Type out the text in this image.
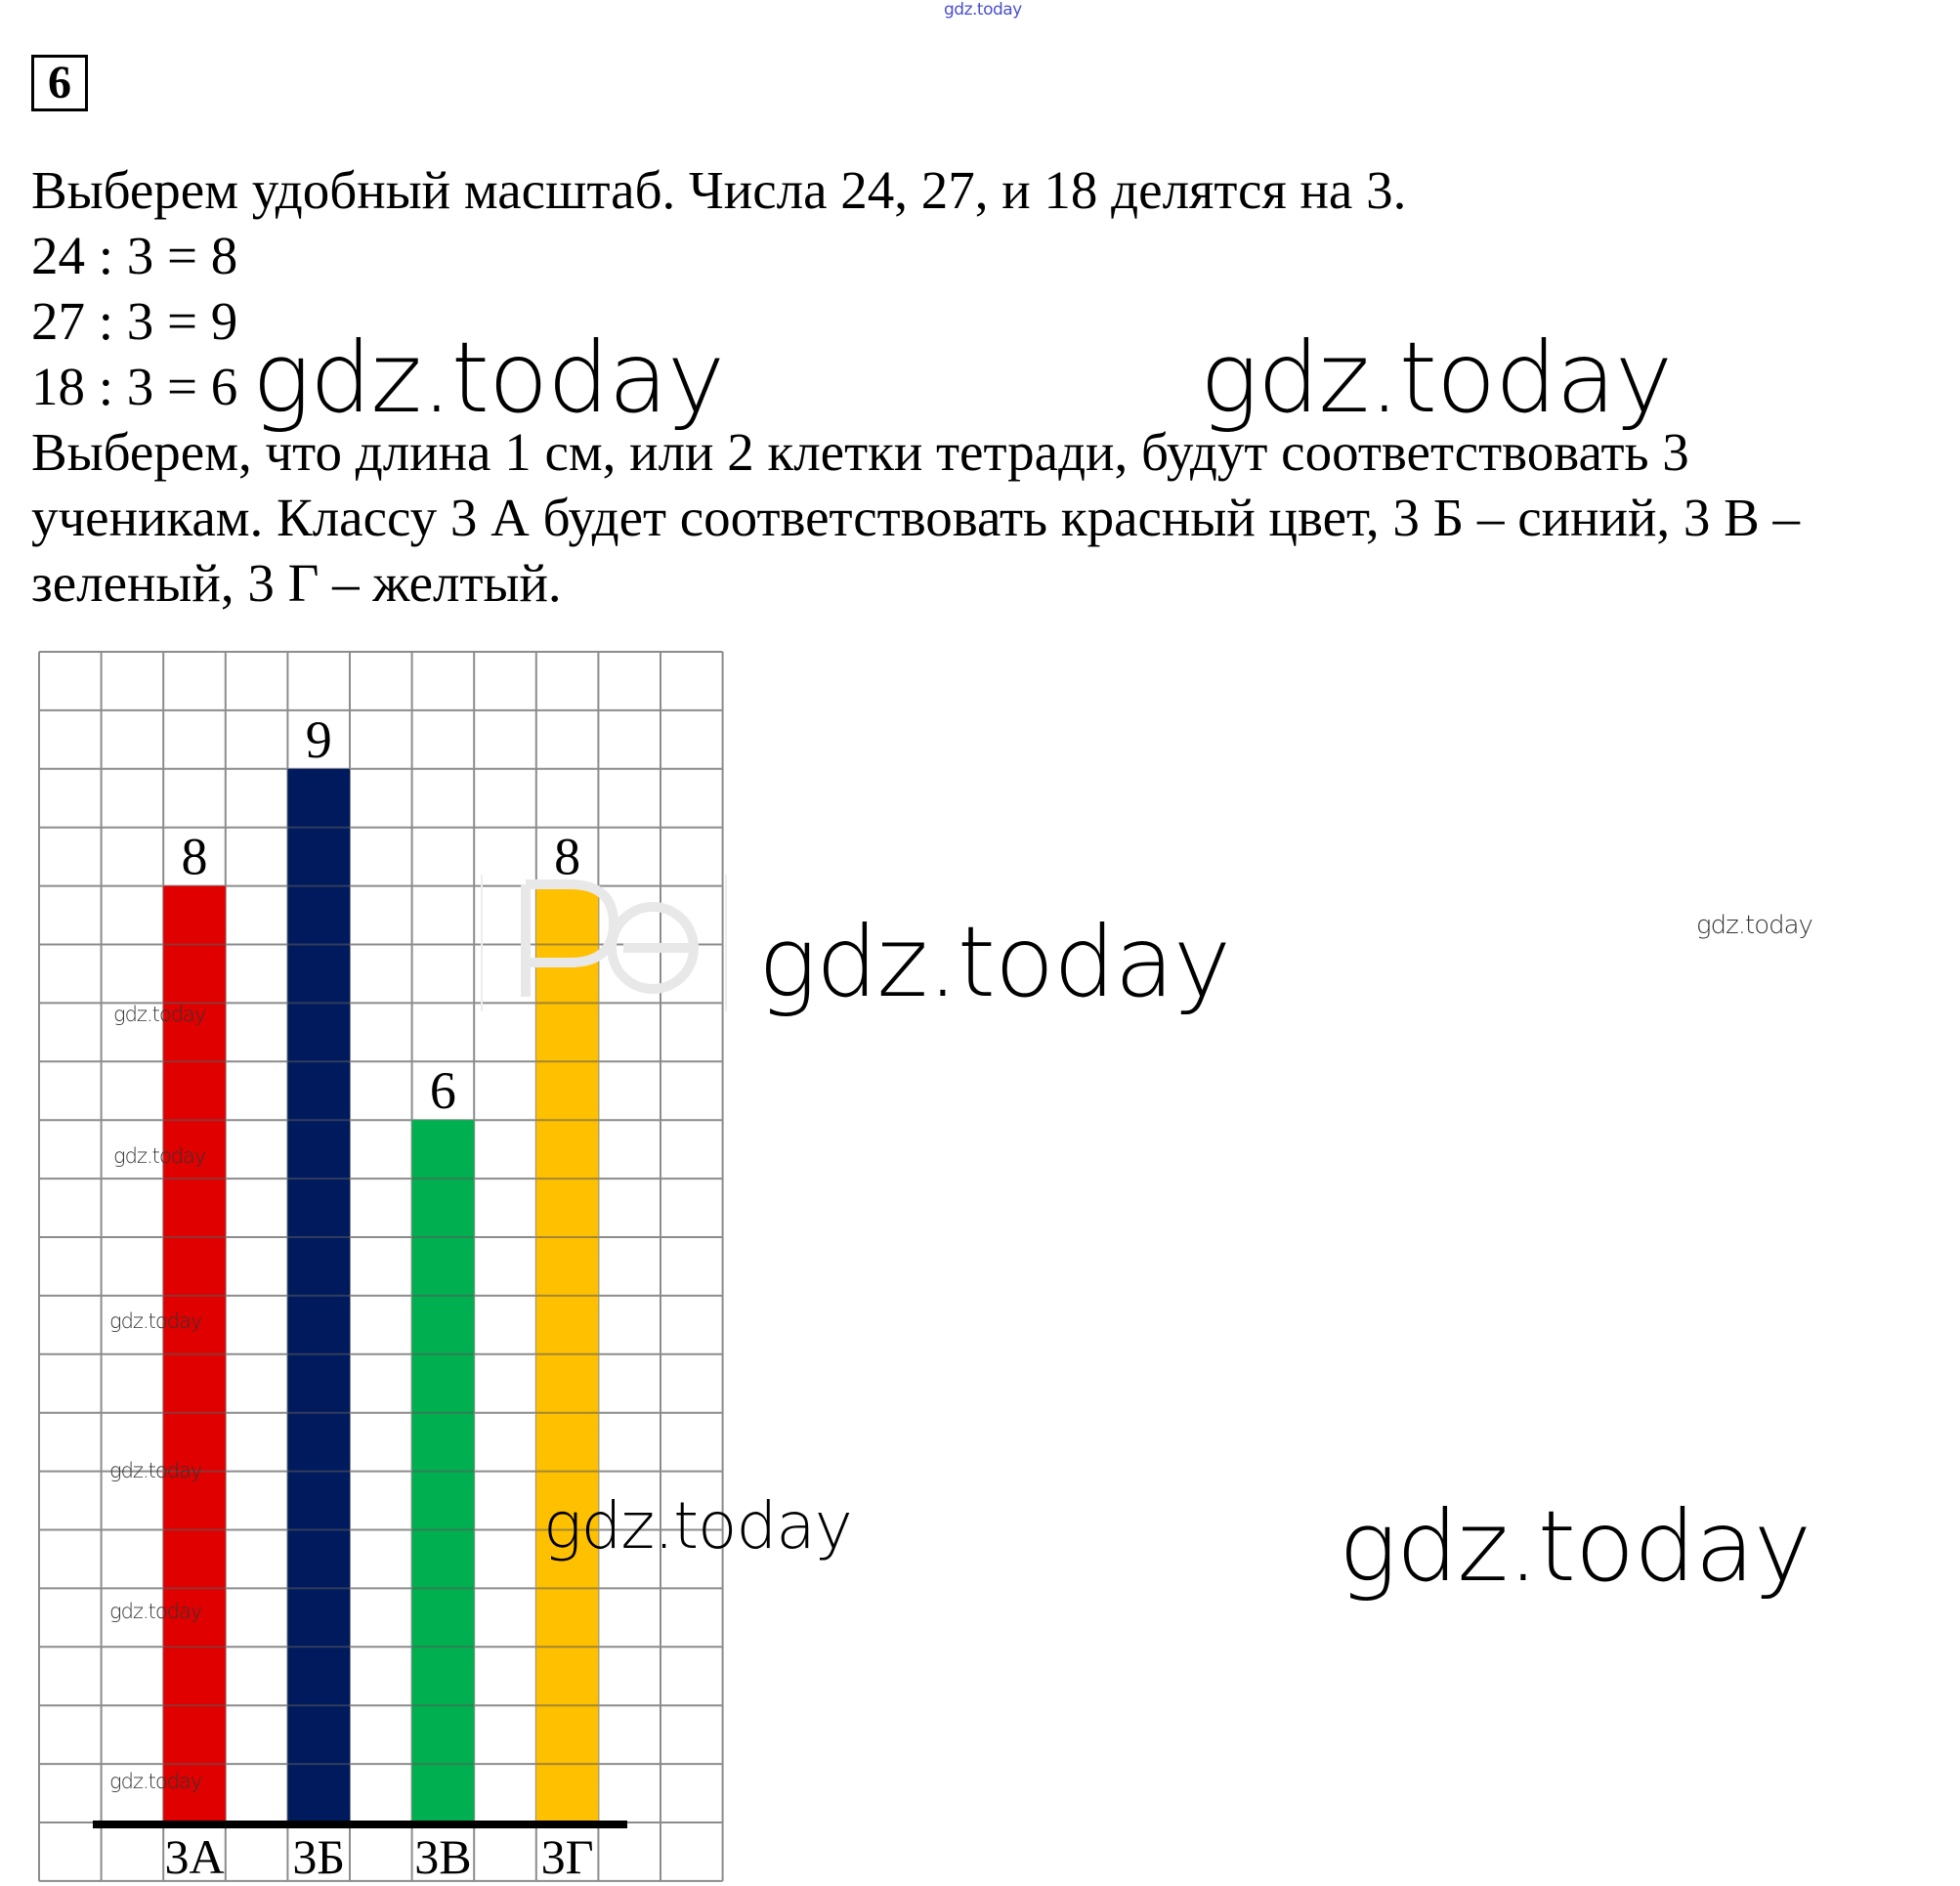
gdz.today
6
Выберем удобный масштаб. Числа 24, 27, и 18 делятся на 3.
24 : 3 = 8
27 : 3 = 9
18 : 3 = 6
Выберем, что длина 1 см, или 2 клетки тетради, будут соответствовать 3
ученикам. Классу 3 А будет соответствовать красный цвет, 3 Б – синий, 3 В –
зеленый, 3 Г – желтый.
8
3А
9
3Б
6
3В
8
3Г
gdz.today	gdz.today
gdz.today
gdz.today
gdz.today
gdz.today
gdz.today
gdz.today
gdz.today
gdz.today
gdz.today
gdz.today
